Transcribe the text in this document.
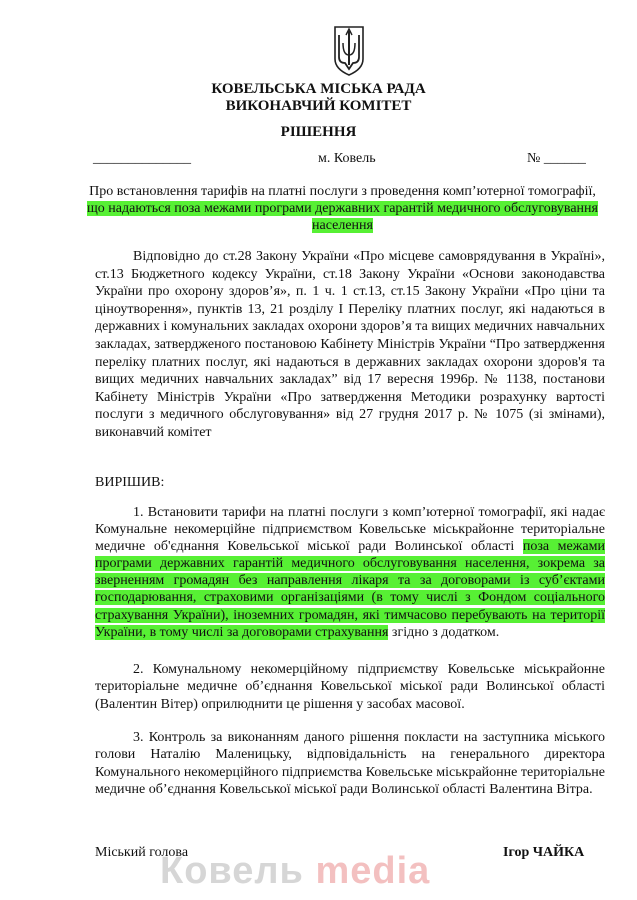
КОВЕЛЬСЬКА МІСЬКА РАДА
ВИКОНАВЧИЙ КОМІТЕТ
РІШЕННЯ
______________	м. Ковель	№ ______
Про встановлення тарифів на платні послуги з проведення комп’ютерної томографії, що надаються поза межами програми державних гарантій медичного обслуговування населення
Відповідно до ст.28 Закону України «Про місцеве самоврядування в Україні», ст.13 Бюджетного кодексу України, ст.18 Закону України «Основи законодавства України про охорону здоров’я», п. 1 ч. 1 ст.13, ст.15 Закону України «Про ціни та ціноутворення», пунктів 13, 21 розділу І Переліку платних послуг, які надаються в державних і комунальних закладах охорони здоров’я та вищих медичних навчальних закладах, затвердженого постановою Кабінету Міністрів України “Про затвердження переліку платних послуг, які надаються в державних закладах охорони здоров'я та вищих медичних навчальних закладах” від 17 вересня 1996р. № 1138, постанови Кабінету Міністрів України «Про затвердження Методики розрахунку вартості послуги з медичного обслуговування» від 27 грудня 2017 р. № 1075 (зі змінами), виконавчий комітет
ВИРІШИВ:
1. Встановити тарифи на платні послуги з комп’ютерної томографії, які надає Комунальне некомерційне підприємством Ковельське міськрайонне територіальне медичне об'єднання Ковельської міської ради Волинської області поза межами програми державних гарантій медичного обслуговування населення, зокрема за зверненням громадян без направлення лікаря та за договорами із суб’єктами господарювання, страховими організаціями (в тому числі з Фондом соціального страхування України), іноземних громадян, які тимчасово перебувають на території України, в тому числі за договорами страхування згідно з додатком.
2. Комунальному некомерційному підприємству Ковельське міськрайонне територіальне медичне об’єднання Ковельської міської ради Волинської області (Валентин Вітер) оприлюднити це рішення у засобах масової.
3. Контроль за виконанням даного рішення покласти на заступника міського голови Наталію Маленицьку, відповідальність на генерального директора Комунального некомерційного підприємства Ковельське міськрайонне територіальне медичне об’єднання Ковельської міської ради Волинської області Валентина Вітра.
Міський голова	Ігор ЧАЙКА
Ковель media
